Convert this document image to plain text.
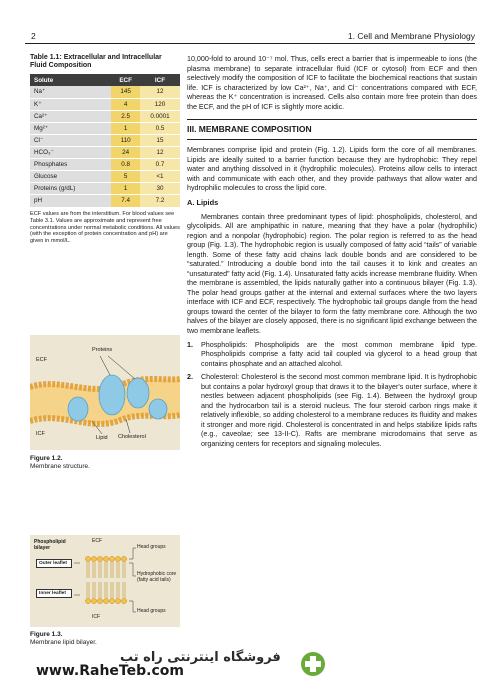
2	1. Cell and Membrane Physiology
Table 1.1: Extracellular and Intracellular Fluid Composition
Solute	ECF	ICF
Na⁺	145	12
K⁺	4	120
Ca²⁺	2.5	0.0001
Mg²⁺	1	0.5
Cl⁻	110	15
HCO₃⁻	24	12
Phosphates	0.8	0.7
Glucose	5	<1
Proteins (g/dL)	1	30
pH	7.4	7.2
ECF values are from the interstitium. For blood values see Table 3.1. Values are approximate and represent free concentrations under normal metabolic conditions. All values (with the exception of protein concentration and pH) are given in mmol/L.
Proteins
ECF
ICF
Lipid Cholesterol
Figure 1.2.
Membrane structure.
Phospholipid bilayer
ECF
ICF
Outer leaflet
Inner leaflet
Head groups
Hydrophobic core (fatty acid tails)
Head groups
Figure 1.3.
Membrane lipid bilayer.

10,000-fold to around 10⁻⁷ mol. Thus, cells erect a barrier that is impermeable to ions (the plasma membrane) to separate intracellular fluid (ICF or cytosol) from ECF and then selectively modify the composition of ICF to facilitate the biochemical reactions that sustain life. ICF is characterized by low Ca²⁺, Na⁺, and Cl⁻ concentrations compared with ECF, whereas the K⁺ concentration is increased. Cells also contain more free protein than does the ECF, and the pH of ICF is slightly more acidic.

III. MEMBRANE COMPOSITION

Membranes comprise lipid and protein (Fig. 1.2). Lipids form the core of all membranes. Lipids are ideally suited to a barrier function because they are hydrophobic: They repel water and anything dissolved in it (hydrophilic molecules). Proteins allow cells to interact with and communicate with each other, and they provide pathways that allow water and hydrophilic molecules to cross the lipid core.

A. Lipids

Membranes contain three predominant types of lipid: phospholipids, cholesterol, and glycolipids. All are amphipathic in nature, meaning that they have a polar (hydrophilic) region and a nonpolar (hydrophobic) region. The polar region is referred to as the head group (Fig. 1.3). The hydrophobic region is usually composed of fatty acid “tails” of variable length. Some of these fatty acid chains lack double bonds and are considered to be “saturated.” Introducing a double bond into the tail causes it to kink and creates an “unsaturated” fatty acid (Fig. 1.4). Unsaturated fatty acids increase membrane fluidity. When the membrane is assembled, the lipids naturally gather into a continuous bilayer (Fig. 1.3). The polar head groups gather at the internal and external surfaces where the two layers interface with ICF and ECF, respectively. The hydrophobic tail groups dangle from the head groups toward the center of the bilayer to form the fatty membrane core. Although the two halves of the bilayer are closely apposed, there is no significant lipid exchange between the two membrane leaflets.

1. Phospholipids: Phospholipids are the most common membrane lipid type. Phospholipids comprise a fatty acid tail coupled via glycerol to a head group that contains phosphate and an attached alcohol.

2. Cholesterol: Cholesterol is the second most common membrane lipid. It is hydrophobic but contains a polar hydroxyl group that draws it to the bilayer's outer surface, where it nestles between adjacent phospholipids (see Fig. 1.4). Between the hydroxyl group and the hydrocarbon tail is a steroid nucleus. The four steroid carbon rings make it relatively inflexible, so adding cholesterol to a membrane reduces its fluidity and makes it stronger and more rigid. Cholesterol is concentrated in and helps stabilize lipids rafts (e.g., caveolae; see 13-II-C). Rafts are membrane microdomains that serve as organizing centers for receptors and signaling molecules.

فروشگاه اینترنتی راه تب
www.RaheTeb.com
